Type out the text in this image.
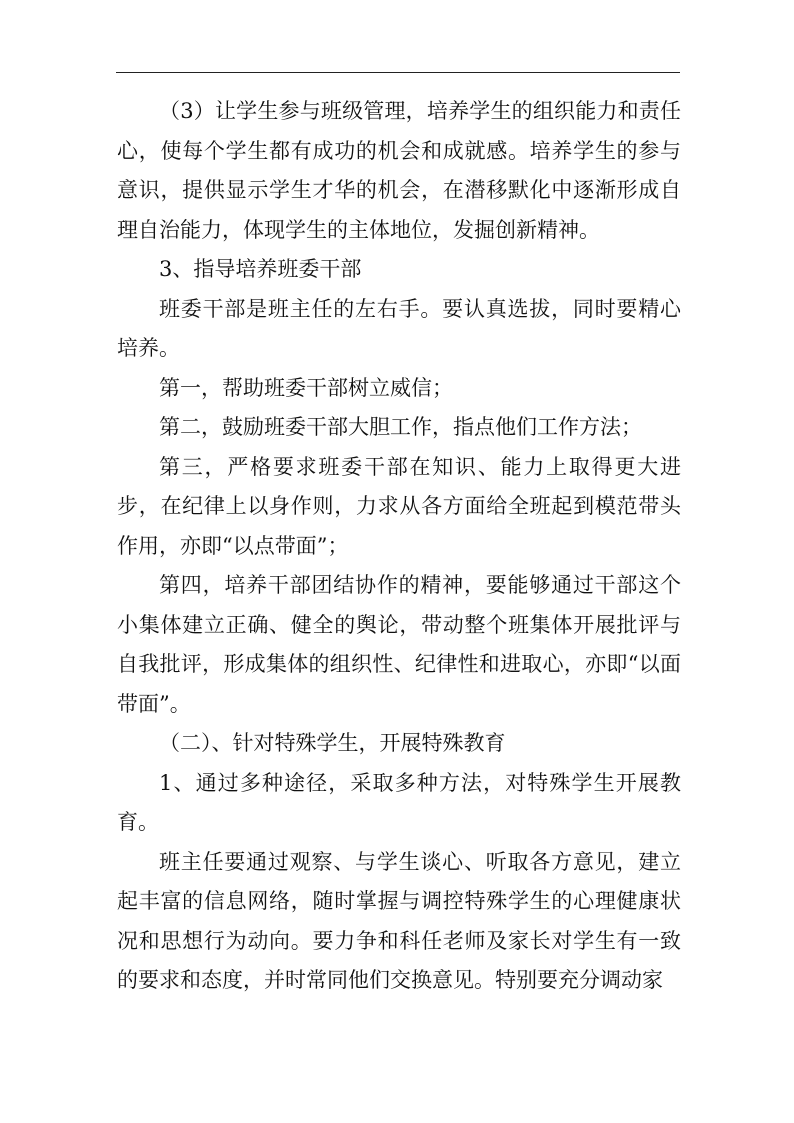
（3）让学生参与班级管理，培养学生的组织能力和责任心，使每个学生都有成功的机会和成就感。培养学生的参与意识，提供显示学生才华的机会，在潜移默化中逐渐形成自理自治能力，体现学生的主体地位，发掘创新精神。

3、指导培养班委干部

班委干部是班主任的左右手。要认真选拔，同时要精心培养。

第一，帮助班委干部树立威信；

第二，鼓励班委干部大胆工作，指点他们工作方法；

第三，严格要求班委干部在知识、能力上取得更大进步，在纪律上以身作则，力求从各方面给全班起到模范带头作用，亦即“以点带面”；

第四，培养干部团结协作的精神，要能够通过干部这个小集体建立正确、健全的舆论，带动整个班集体开展批评与自我批评，形成集体的组织性、纪律性和进取心，亦即“以面带面”。

（二）、针对特殊学生，开展特殊教育

1、通过多种途径，采取多种方法，对特殊学生开展教育。

班主任要通过观察、与学生谈心、听取各方意见，建立起丰富的信息网络，随时掌握与调控特殊学生的心理健康状况和思想行为动向。要力争和科任老师及家长对学生有一致的要求和态度，并时常同他们交换意见。特别要充分调动家
